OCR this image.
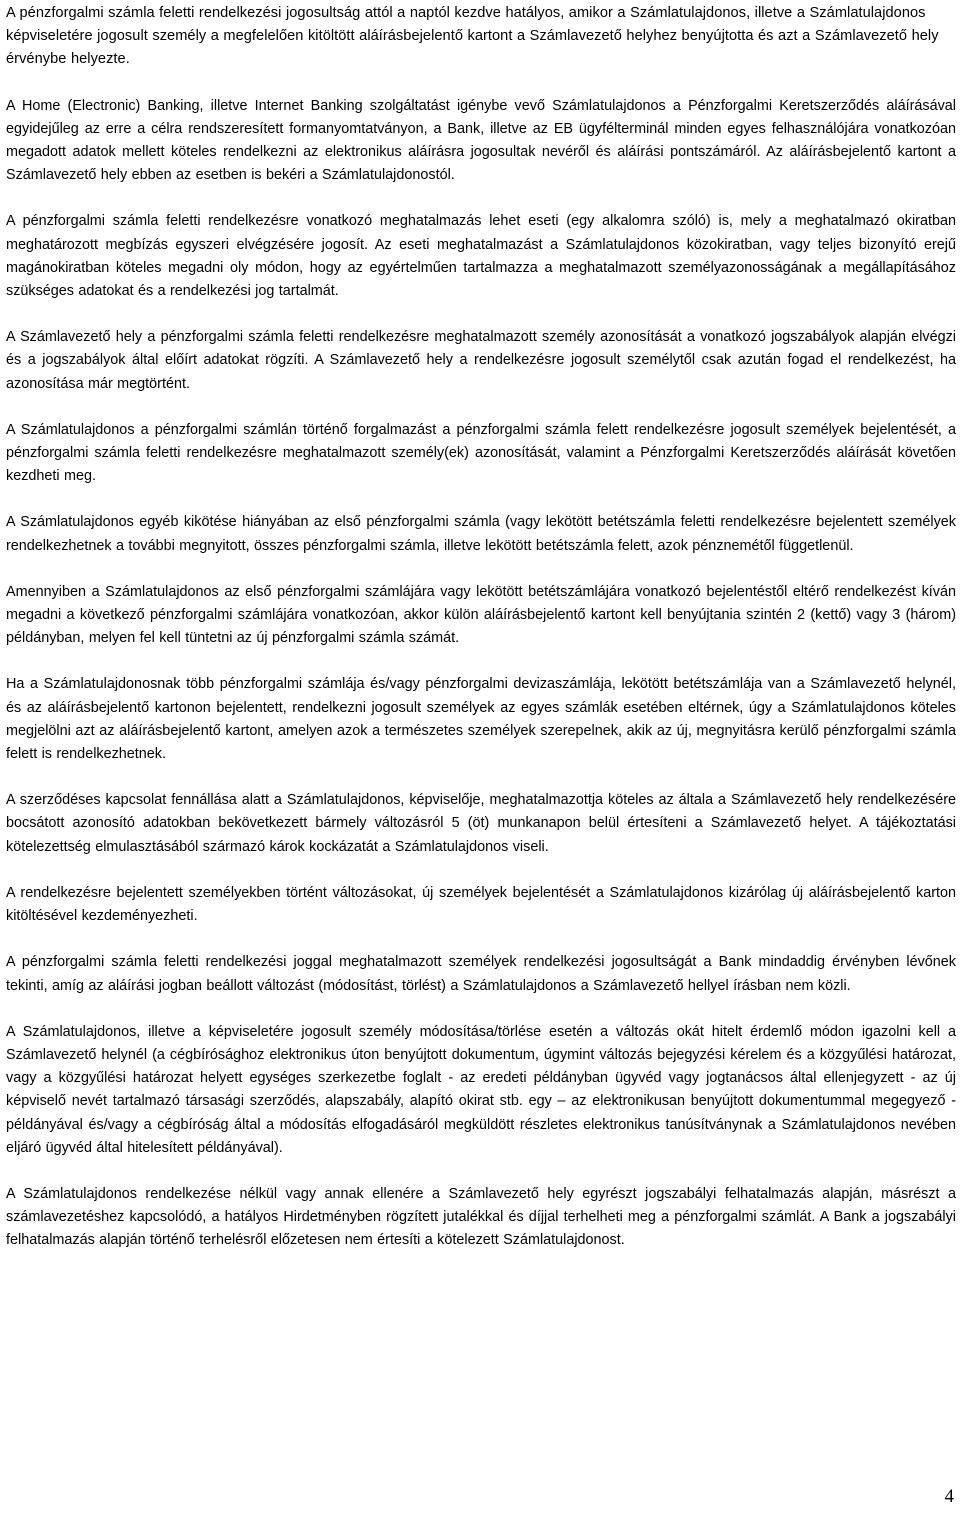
A pénzforgalmi számla feletti rendelkezési jogosultság attól a naptól kezdve hatályos, amikor a Számlatulajdonos, illetve a Számlatulajdonos képviseletére jogosult személy a megfelelően kitöltött aláírásbejelentő kartont a Számlavezető helyhez benyújtotta és azt a Számlavezető hely érvénybe helyezte.

A Home (Electronic) Banking, illetve Internet Banking szolgáltatást igénybe vevő Számlatulajdonos a Pénzforgalmi Keretszerződés aláírásával egyidejűleg az erre a célra rendszeresített formanyomtatványon, a Bank, illetve az EB ügyfélterminál minden egyes felhasználójára vonatkozóan megadott adatok mellett köteles rendelkezni az elektronikus aláírásra jogosultak nevéről és aláírási pontszámáról. Az aláírásbejelentő kartont a Számlavezető hely ebben az esetben is bekéri a Számlatulajdonostól.

A pénzforgalmi számla feletti rendelkezésre vonatkozó meghatalmazás lehet eseti (egy alkalomra szóló) is, mely a meghatalmazó okiratban meghatározott megbízás egyszeri elvégzésére jogosít. Az eseti meghatalmazást a Számlatulajdonos közokiratban, vagy teljes bizonyító erejű magánokiratban köteles megadni oly módon, hogy az egyértelműen tartalmazza a meghatalmazott személyazonosságának a megállapításához szükséges adatokat és a rendelkezési jog tartalmát.

A Számlavezető hely a pénzforgalmi számla feletti rendelkezésre meghatalmazott személy azonosítását a vonatkozó jogszabályok alapján elvégzi és a jogszabályok által előírt adatokat rögzíti. A Számlavezető hely a rendelkezésre jogosult személytől csak azután fogad el rendelkezést, ha azonosítása már megtörtént.

A Számlatulajdonos a pénzforgalmi számlán történő forgalmazást a pénzforgalmi számla felett rendelkezésre jogosult személyek bejelentését, a pénzforgalmi számla feletti rendelkezésre meghatalmazott személy(ek) azonosítását, valamint a Pénzforgalmi Keretszerződés aláírását követően kezdheti meg.

A Számlatulajdonos egyéb kikötése hiányában az első pénzforgalmi számla (vagy lekötött betétszámla feletti rendelkezésre bejelentett személyek rendelkezhetnek a további megnyitott, összes pénzforgalmi számla, illetve lekötött betétszámla felett, azok pénznemétől függetlenül.

Amennyiben a Számlatulajdonos az első pénzforgalmi számlájára vagy lekötött betétszámlájára vonatkozó bejelentéstől eltérő rendelkezést kíván megadni a következő pénzforgalmi számlájára vonatkozóan, akkor külön aláírásbejelentő kartont kell benyújtania szintén 2 (kettő) vagy 3 (három) példányban, melyen fel kell tüntetni az új pénzforgalmi számla számát.

Ha a Számlatulajdonosnak több pénzforgalmi számlája és/vagy pénzforgalmi devizaszámlája, lekötött betétszámlája van a Számlavezető helynél, és az aláírásbejelentő kartonon bejelentett, rendelkezni jogosult személyek az egyes számlák esetében eltérnek, úgy a Számlatulajdonos köteles megjelölni azt az aláírásbejelentő kartont, amelyen azok a természetes személyek szerepelnek, akik az új, megnyitásra kerülő pénzforgalmi számla felett is rendelkezhetnek.

A szerződéses kapcsolat fennállása alatt a Számlatulajdonos, képviselője, meghatalmazottja köteles az általa a Számlavezető hely rendelkezésére bocsátott azonosító adatokban bekövetkezett bármely változásról 5 (öt) munkanapon belül értesíteni a Számlavezető helyet. A tájékoztatási kötelezettség elmulasztásából származó károk kockázatát a Számlatulajdonos viseli.

A rendelkezésre bejelentett személyekben történt változásokat, új személyek bejelentését a Számlatulajdonos kizárólag új aláírásbejelentő karton kitöltésével kezdeményezheti.

A pénzforgalmi számla feletti rendelkezési joggal meghatalmazott személyek rendelkezési jogosultságát a Bank mindaddig érvényben lévőnek tekinti, amíg az aláírási jogban beállott változást (módosítást, törlést) a Számlatulajdonos a Számlavezető hellyel írásban nem közli.

A Számlatulajdonos, illetve a képviseletére jogosult személy módosítása/törlése esetén a változás okát hitelt érdemlő módon igazolni kell a Számlavezető helynél (a cégbírósághoz elektronikus úton benyújtott dokumentum, úgymint változás bejegyzési kérelem és a közgyűlési határozat, vagy a közgyűlési határozat helyett egységes szerkezetbe foglalt - az eredeti példányban ügyvéd vagy jogtanácsos által ellenjegyzett - az új képviselő nevét tartalmazó társasági szerződés, alapszabály, alapító okirat stb. egy – az elektronikusan benyújtott dokumentummal megegyező - példányával és/vagy a cégbíróság által a módosítás elfogadásáról megküldött részletes elektronikus tanúsítványnak a Számlatulajdonos nevében eljáró ügyvéd által hitelesített példányával).

A Számlatulajdonos rendelkezése nélkül vagy annak ellenére a Számlavezető hely egyrészt jogszabályi felhatalmazás alapján, másrészt a számlavezetéshez kapcsolódó, a hatályos Hirdetményben rögzített jutalékkal és díjjal terhelheti meg a pénzforgalmi számlát. A Bank a jogszabályi felhatalmazás alapján történő terhelésről előzetesen nem értesíti a kötelezett Számlatulajdonost.

4
